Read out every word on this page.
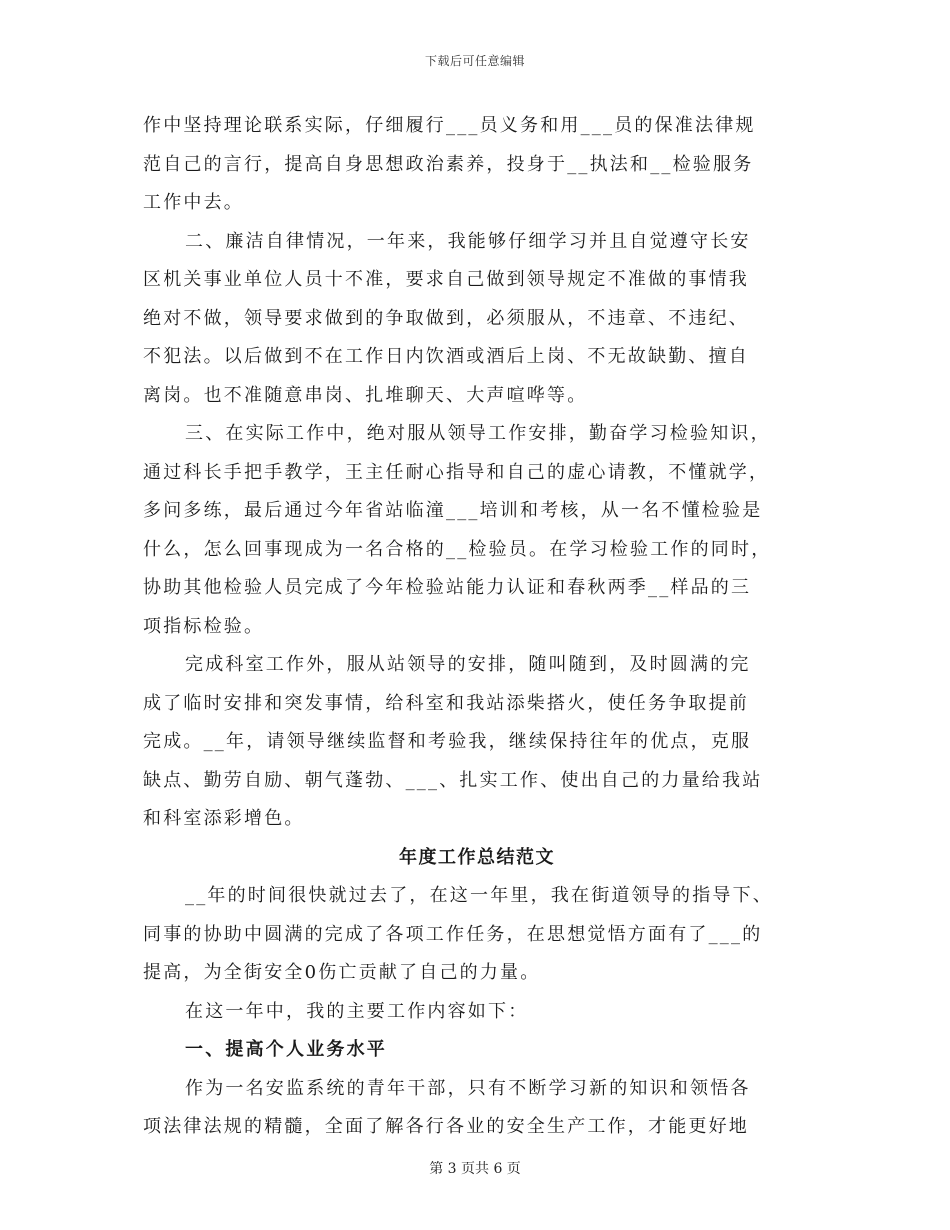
下载后可任意编辑
作中坚持理论联系实际，仔细履行___员义务和用___员的保准法律规
范自己的言行，提高自身思想政治素养，投身于__执法和__检验服务
工作中去。
二、廉洁自律情况，一年来，我能够仔细学习并且自觉遵守长安
区机关事业单位人员十不准，要求自己做到领导规定不准做的事情我
绝对不做，领导要求做到的争取做到，必须服从，不违章、不违纪、
不犯法。以后做到不在工作日内饮酒或酒后上岗、不无故缺勤、擅自
离岗。也不准随意串岗、扎堆聊天、大声喧哗等。
三、在实际工作中，绝对服从领导工作安排，勤奋学习检验知识，
通过科长手把手教学，王主任耐心指导和自己的虚心请教，不懂就学，
多问多练，最后通过今年省站临潼___培训和考核，从一名不懂检验是
什么，怎么回事现成为一名合格的__检验员。在学习检验工作的同时，
协助其他检验人员完成了今年检验站能力认证和春秋两季__样品的三
项指标检验。
完成科室工作外，服从站领导的安排，随叫随到，及时圆满的完
成了临时安排和突发事情，给科室和我站添柴搭火，使任务争取提前
完成。__年，请领导继续监督和考验我，继续保持往年的优点，克服
缺点、勤劳自励、朝气蓬勃、___、扎实工作、使出自己的力量给我站
和科室添彩增色。
年度工作总结范文
__年的时间很快就过去了，在这一年里，我在街道领导的指导下、
同事的协助中圆满的完成了各项工作任务，在思想觉悟方面有了___的
提高，为全街安全0伤亡贡献了自己的力量。
在这一年中，我的主要工作内容如下：
一、提高个人业务水平
作为一名安监系统的青年干部，只有不断学习新的知识和领悟各
项法律法规的精髓，全面了解各行各业的安全生产工作，才能更好地
第 3 页共 6 页
